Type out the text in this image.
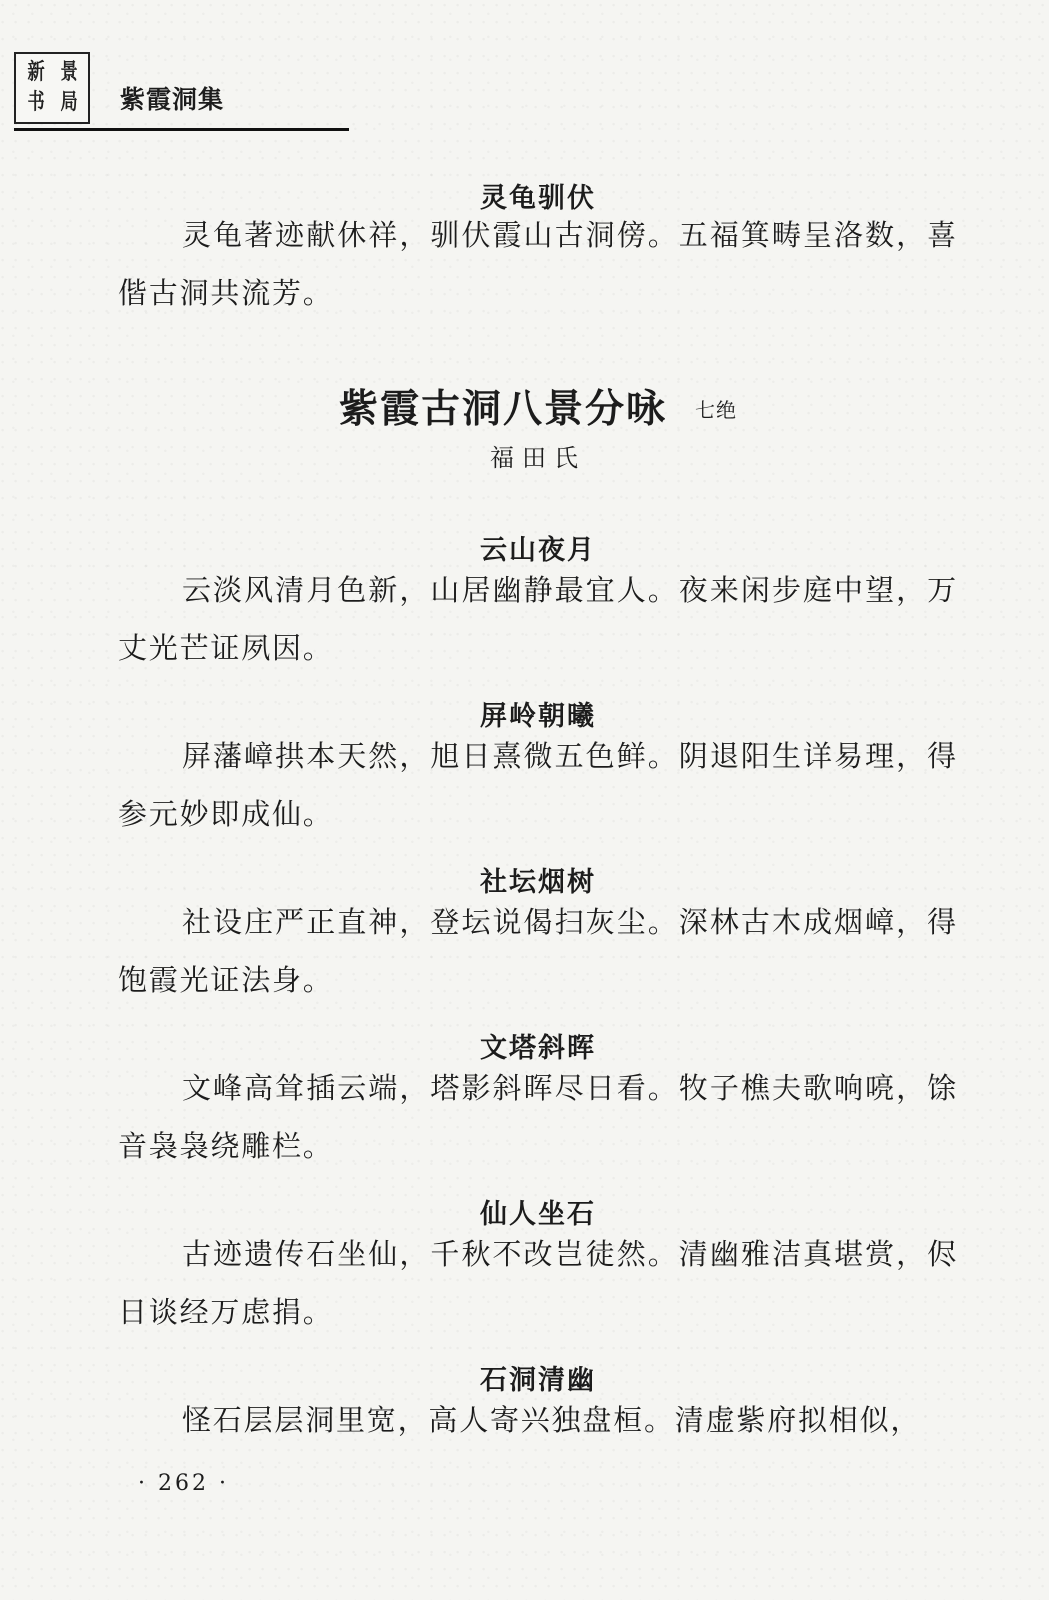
新 景
书 局 紫霞洞集
灵龟驯伏

灵龟著迹献休祥，驯伏霞山古洞傍。五福箕畴呈洛数，喜偕古洞共流芳。

紫霞古洞八景分咏 七绝
福田氏
云山夜月

云淡风清月色新，山居幽静最宜人。夜来闲步庭中望，万丈光芒证夙因。

屏岭朝曦

屏藩嶂拱本天然，旭日熹微五色鲜。阴退阳生详易理，得参元妙即成仙。

社坛烟树

社设庄严正直神，登坛说偈扫灰尘。深林古木成烟嶂，得饱霞光证法身。

文塔斜晖

文峰高耸插云端，塔影斜晖尽日看。牧子樵夫歌响喨，馀音袅袅绕雕栏。

仙人坐石

古迹遗传石坐仙，千秋不改岂徒然。清幽雅洁真堪赏，侭日谈经万虑捐。

石洞清幽

怪石层层洞里宽，高人寄兴独盘桓。清虚紫府拟相似，

· 262 ·
